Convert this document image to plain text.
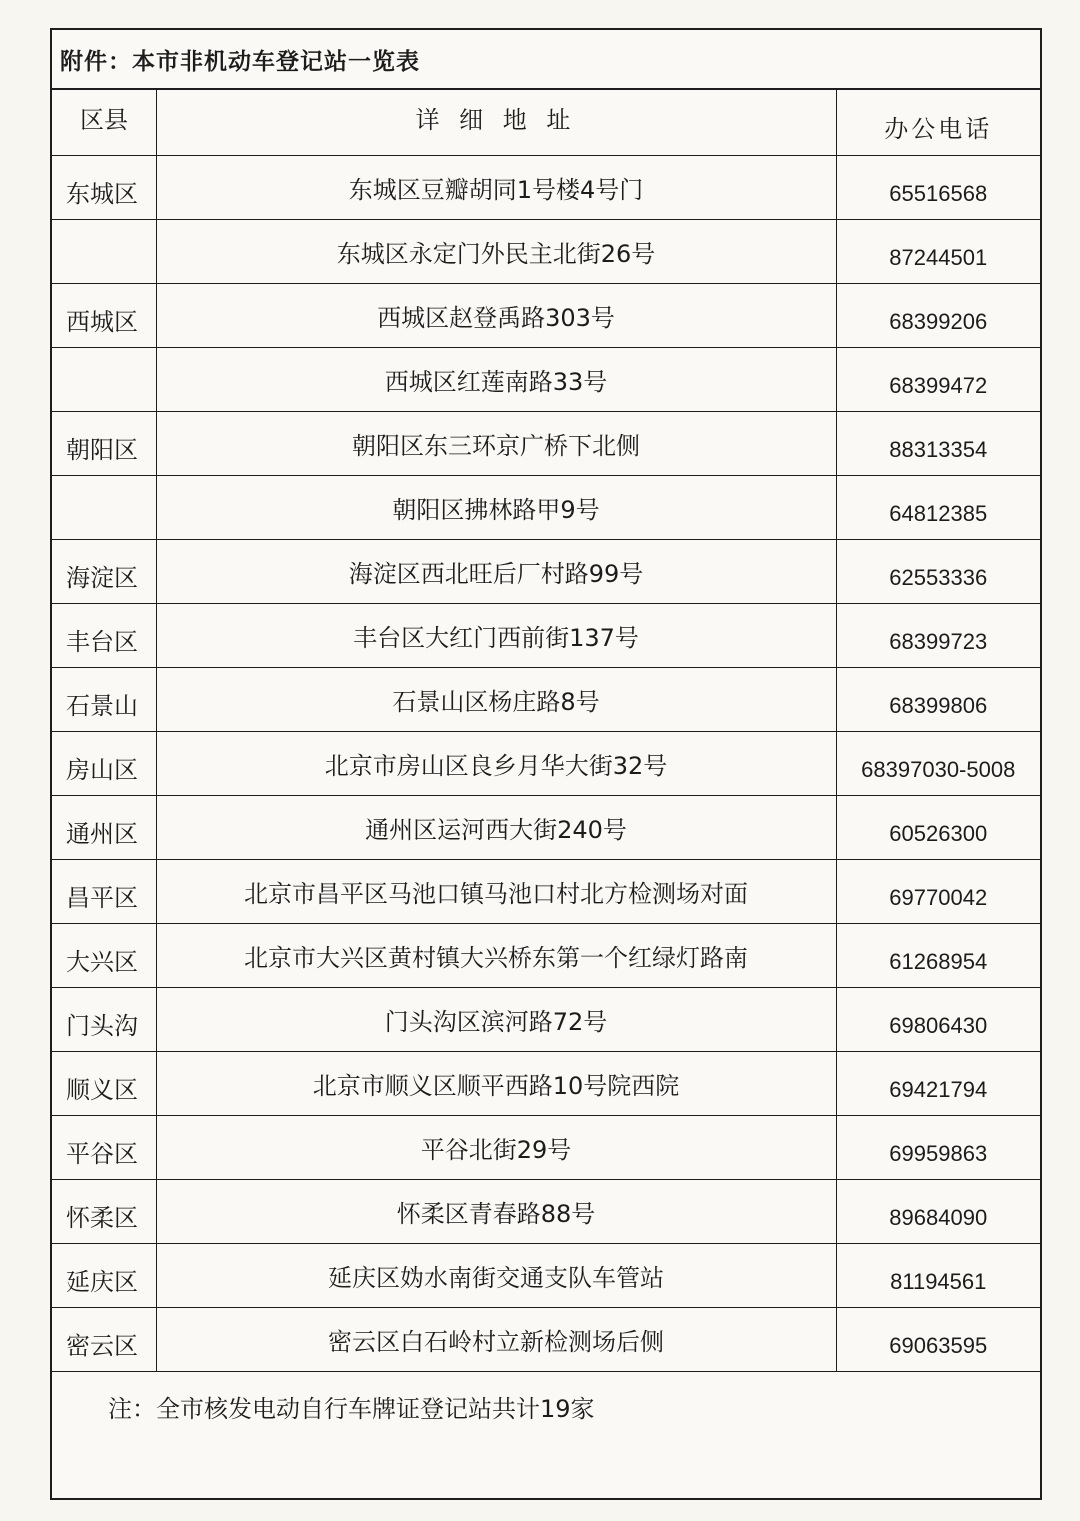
附件：本市非机动车登记站一览表
区县	详 细 地 址	办公电话
东城区	东城区豆瓣胡同1号楼4号门	65516568
	东城区永定门外民主北街26号	87244501
西城区	西城区赵登禹路303号	68399206
	西城区红莲南路33号	68399472
朝阳区	朝阳区东三环京广桥下北侧	88313354
	朝阳区拂林路甲9号	64812385
海淀区	海淀区西北旺后厂村路99号	62553336
丰台区	丰台区大红门西前街137号	68399723
石景山	石景山区杨庄路8号	68399806
房山区	北京市房山区良乡月华大街32号	68397030-5008
通州区	通州区运河西大街240号	60526300
昌平区	北京市昌平区马池口镇马池口村北方检测场对面	69770042
大兴区	北京市大兴区黄村镇大兴桥东第一个红绿灯路南	61268954
门头沟	门头沟区滨河路72号	69806430
顺义区	北京市顺义区顺平西路10号院西院	69421794
平谷区	平谷北街29号	69959863
怀柔区	怀柔区青春路88号	89684090
延庆区	延庆区妫水南街交通支队车管站	81194561
密云区	密云区白石岭村立新检测场后侧	69063595
注：全市核发电动自行车牌证登记站共计19家
